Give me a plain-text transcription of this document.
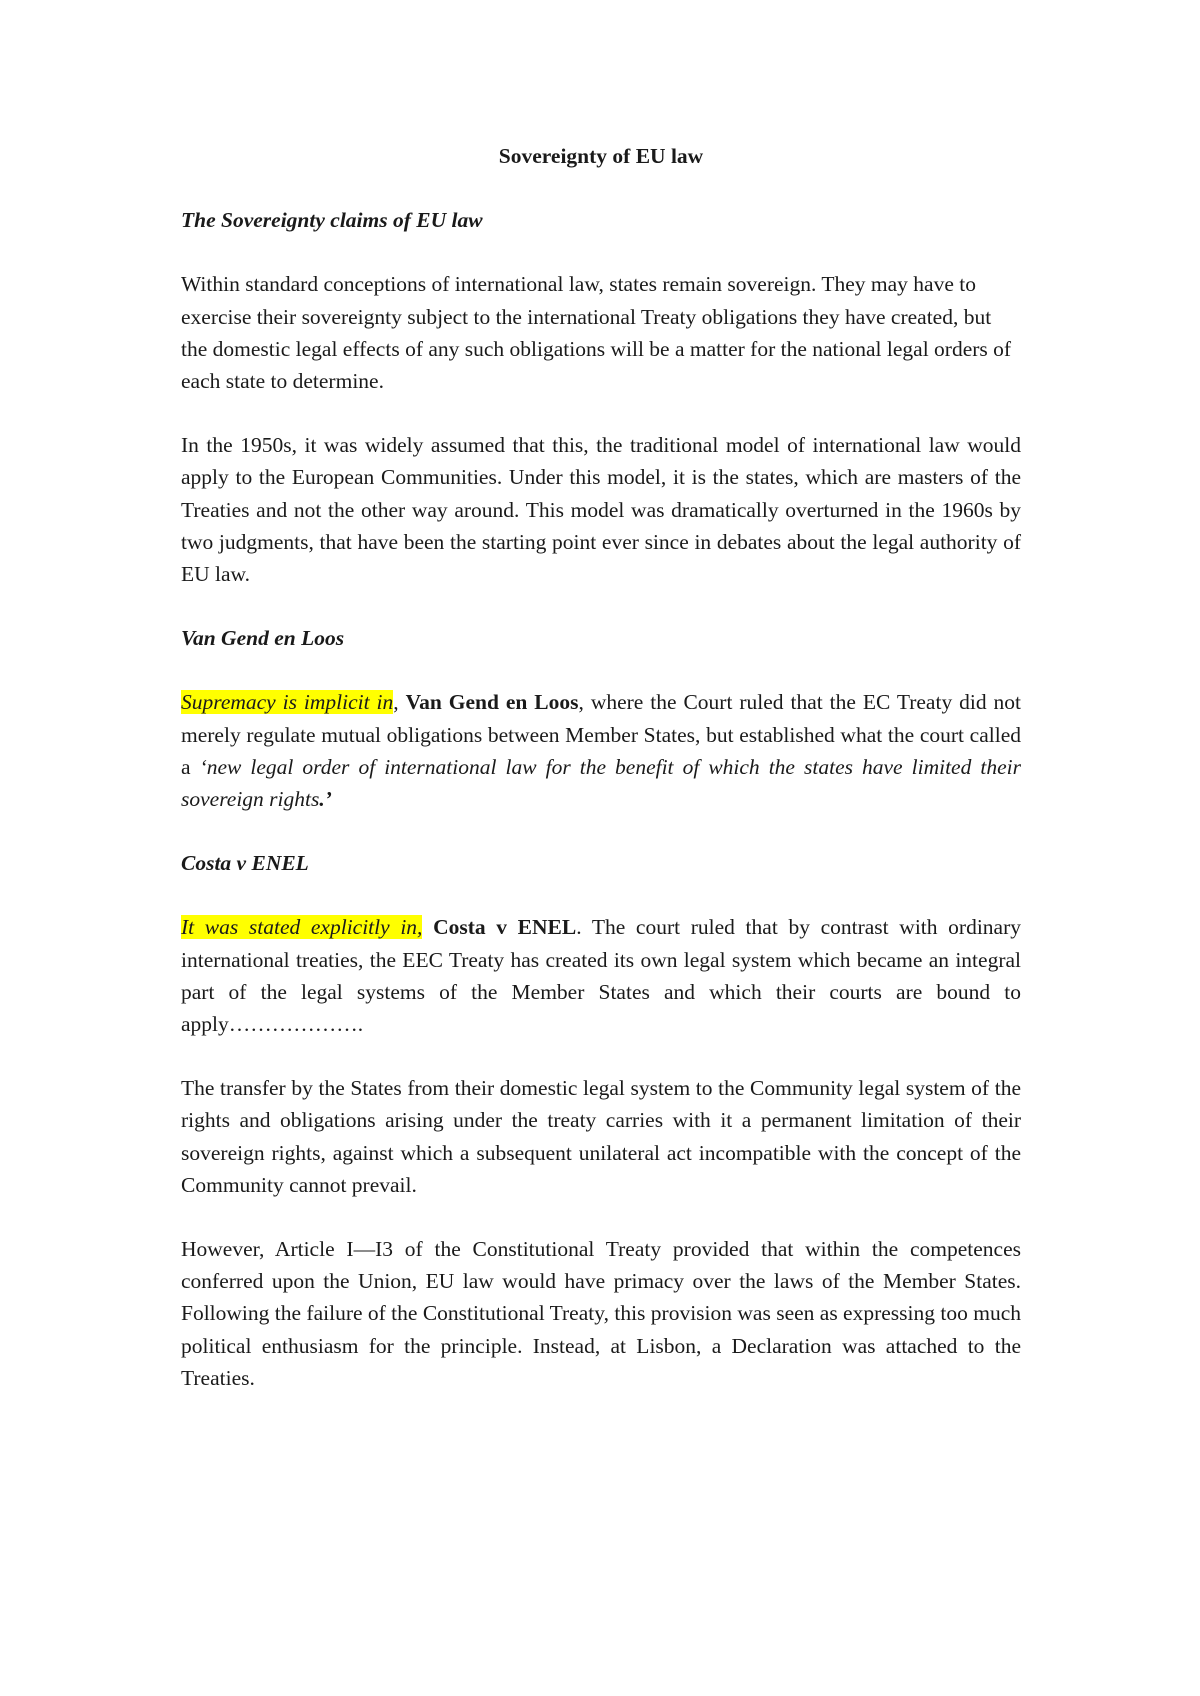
Sovereignty of EU law

The Sovereignty claims of EU law

Within standard conceptions of international law, states remain sovereign. They may have to exercise their sovereignty subject to the international Treaty obligations they have created, but the domestic legal effects of any such obligations will be a matter for the national legal orders of each state to determine.

In the 1950s, it was widely assumed that this, the traditional model of international law would apply to the European Communities. Under this model, it is the states, which are masters of the Treaties and not the other way around. This model was dramatically overturned in the 1960s by two judgments, that have been the starting point ever since in debates about the legal authority of EU law.

Van Gend en Loos

Supremacy is implicit in, Van Gend en Loos, where the Court ruled that the EC Treaty did not merely regulate mutual obligations between Member States, but established what the court called a ‘new legal order of international law for the benefit of which the states have limited their sovereign rights.’

Costa v ENEL

It was stated explicitly in, Costa v ENEL. The court ruled that by contrast with ordinary international treaties, the EEC Treaty has created its own legal system which became an integral part of the legal systems of the Member States and which their courts are bound to apply……………….

The transfer by the States from their domestic legal system to the Community legal system of the rights and obligations arising under the treaty carries with it a permanent limitation of their sovereign rights, against which a subsequent unilateral act incompatible with the concept of the Community cannot prevail.

However, Article I—I3 of the Constitutional Treaty provided that within the competences conferred upon the Union, EU law would have primacy over the laws of the Member States. Following the failure of the Constitutional Treaty, this provision was seen as expressing too much political enthusiasm for the principle. Instead, at Lisbon, a Declaration was attached to the Treaties.
